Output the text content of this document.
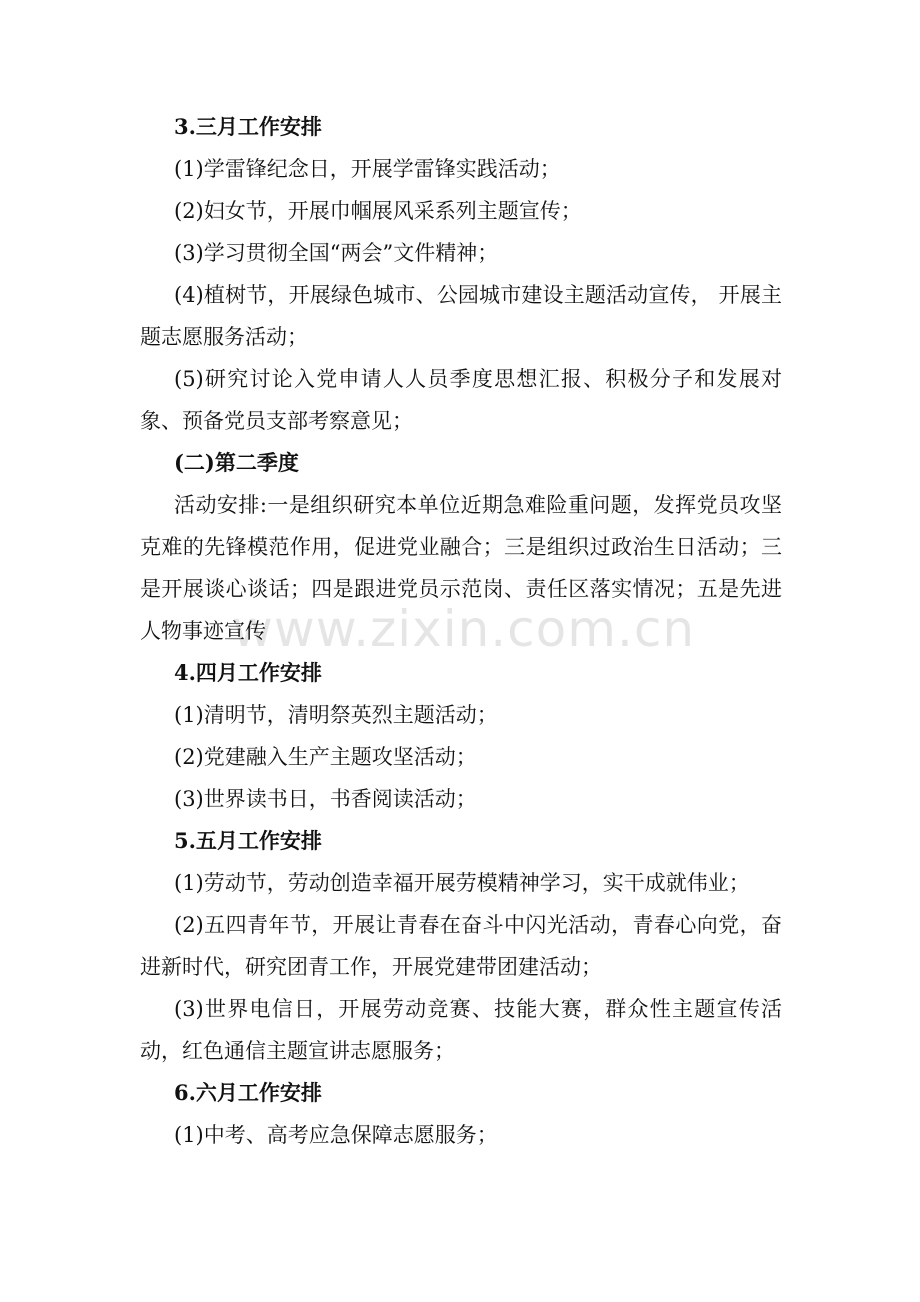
3.三月工作安排

(1)学雷锋纪念日，开展学雷锋实践活动；

(2)妇女节，开展巾帼展风采系列主题宣传；

(3)学习贯彻全国“两会”文件精神；

(4)植树节，开展绿色城市、公园城市建设主题活动宣传， 开展主题志愿服务活动；

(5)研究讨论入党申请人人员季度思想汇报、积极分子和发展对象、预备党员支部考察意见；

(二)第二季度

活动安排:一是组织研究本单位近期急难险重问题，发挥党员攻坚克难的先锋模范作用，促进党业融合；三是组织过政治生日活动；三是开展谈心谈话；四是跟进党员示范岗、责任区落实情况；五是先进人物事迹宣传

4.四月工作安排

(1)清明节，清明祭英烈主题活动；

(2)党建融入生产主题攻坚活动；

(3)世界读书日，书香阅读活动；

5.五月工作安排

(1)劳动节，劳动创造幸福开展劳模精神学习，实干成就伟业；

(2)五四青年节，开展让青春在奋斗中闪光活动，青春心向党，奋进新时代，研究团青工作，开展党建带团建活动；

(3)世界电信日，开展劳动竞赛、技能大赛，群众性主题宣传活动，红色通信主题宣讲志愿服务；

6.六月工作安排

(1)中考、高考应急保障志愿服务；

www.zixin.com.cn
